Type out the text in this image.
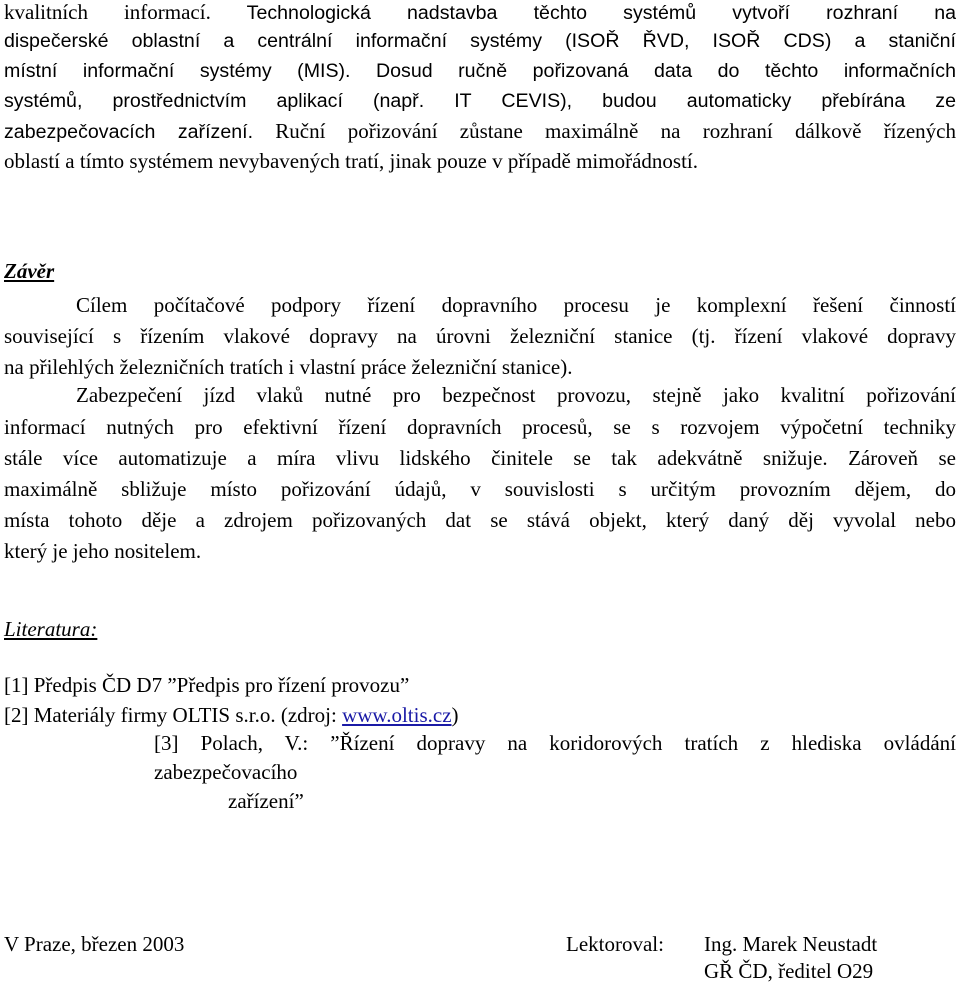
kvalitních informací. Technologická nadstavba těchto systémů vytvoří rozhraní na
dispečerské oblastní a centrální informační systémy (ISOŘ ŘVD, ISOŘ CDS) a staniční
místní informační systémy (MIS). Dosud ručně pořizovaná data do těchto informačních
systémů, prostřednictvím aplikací (např. IT CEVIS), budou automaticky přebírána ze
zabezpečovacích zařízení. Ruční pořizování zůstane maximálně na rozhraní dálkově řízených
oblastí a tímto systémem nevybavených tratí, jinak pouze v případě mimořádností.
Závěr
Cílem počítačové podpory řízení dopravního procesu je komplexní řešení činností
související s řízením vlakové dopravy na úrovni železniční stanice (tj. řízení vlakové dopravy
na přilehlých železničních tratích i vlastní práce železniční stanice).
Zabezpečení jízd vlaků nutné pro bezpečnost provozu, stejně jako kvalitní pořizování
informací nutných pro efektivní řízení dopravních procesů, se s rozvojem výpočetní techniky
stále více automatizuje a míra vlivu lidského činitele se tak adekvátně snižuje. Zároveň se
maximálně sbližuje místo pořizování údajů, v souvislosti s určitým provozním dějem, do
místa tohoto děje a zdrojem pořizovaných dat se stává objekt, který daný děj vyvolal nebo
který je jeho nositelem.
Literatura:
[1] Předpis ČD D7 ”Předpis pro řízení provozu”
[2] Materiály firmy OLTIS s.r.o. (zdroj: www.oltis.cz)
[3] Polach, V.: ”Řízení dopravy na koridorových tratích z hlediska ovládání
zabezpečovacího
zařízení”
V Praze, březen 2003	Lektoroval: Ing. Marek Neustadt
GŘ ČD, ředitel O29
